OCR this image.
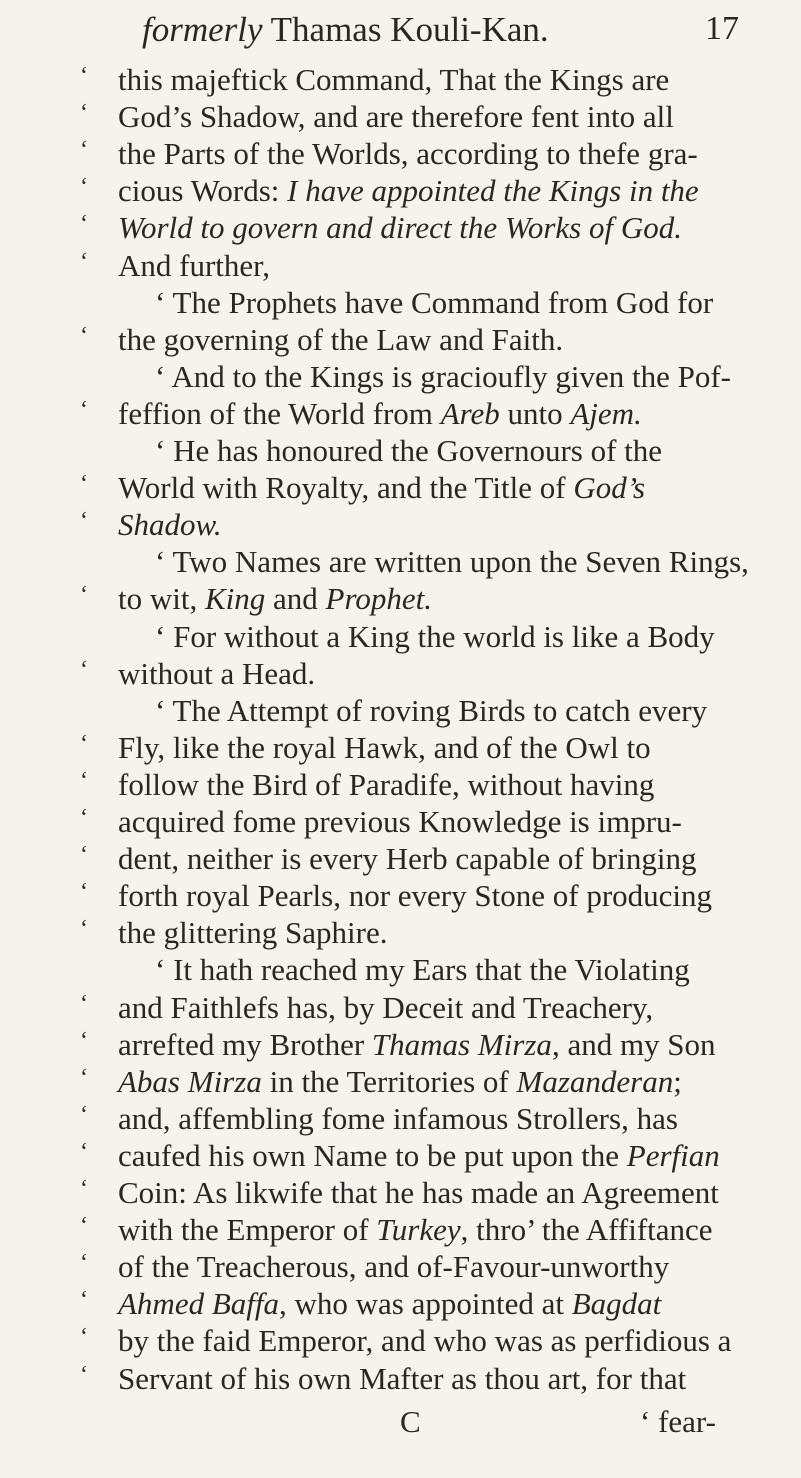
formerly Thamas Kouli-Kan.	17
‘ this majeftick Command, That the Kings are
‘ God’s Shadow, and are therefore fent into all
‘ the Parts of the Worlds, according to thefe gra-
‘ cious Words: I have appointed the Kings in the
‘ World to govern and direct the Works of God.
‘ And further,
‘ The Prophets have Command from God for
‘ the governing of the Law and Faith.
‘ And to the Kings is gracioufly given the Pof-
‘ feffion of the World from Areb unto Ajem.
‘ He has honoured the Governours of the
‘ World with Royalty, and the Title of God’s
‘ Shadow.
‘ Two Names are written upon the Seven Rings,
‘ to wit, King and Prophet.
‘ For without a King the world is like a Body
‘ without a Head.
‘ The Attempt of roving Birds to catch every
‘ Fly, like the royal Hawk, and of the Owl to
‘ follow the Bird of Paradife, without having
‘ acquired fome previous Knowledge is impru-
‘ dent, neither is every Herb capable of bringing
‘ forth royal Pearls, nor every Stone of producing
‘ the glittering Saphire.
‘ It hath reached my Ears that the Violating
‘ and Faithlefs has, by Deceit and Treachery,
‘ arrefted my Brother Thamas Mirza, and my Son
‘ Abas Mirza in the Territories of Mazanderan;
‘ and, affembling fome infamous Strollers, has
‘ caufed his own Name to be put upon the Perfian
‘ Coin: As likwife that he has made an Agreement
‘ with the Emperor of Turkey, thro’ the Affiftance
‘ of the Treacherous, and of-Favour-unworthy
‘ Ahmed Baffa, who was appointed at Bagdat
‘ by the faid Emperor, and who was as perfidious a
‘ Servant of his own Mafter as thou art, for that
C	‘ fear-
